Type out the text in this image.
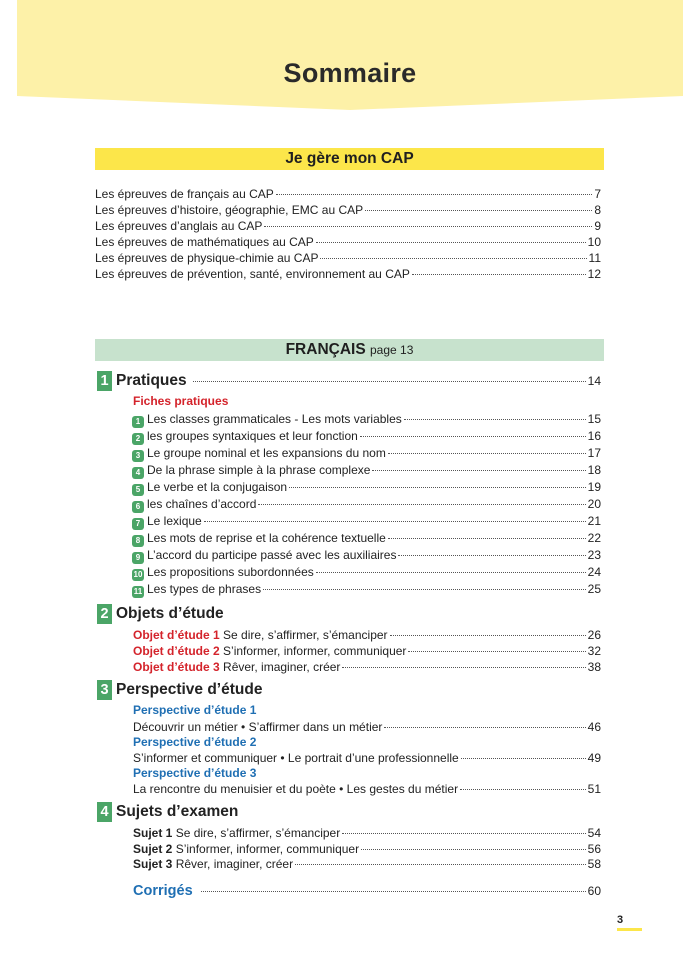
Sommaire
Je gère mon CAP
Les épreuves de français au CAP	7
Les épreuves d’histoire, géographie, EMC au CAP	8
Les épreuves d’anglais au CAP	9
Les épreuves de mathématiques au CAP	10
Les épreuves de physique-chimie au CAP	11
Les épreuves de prévention, santé, environnement au CAP	12
FRANÇAIS page 13
1 Pratiques	14
Fiches pratiques
1 Les classes grammaticales - Les mots variables	15
2 les groupes syntaxiques et leur fonction	16
3 Le groupe nominal et les expansions du nom	17
4 De la phrase simple à la phrase complexe	18
5 Le verbe et la conjugaison	19
6 les chaînes d’accord	20
7 Le lexique	21
8 Les mots de reprise et la cohérence textuelle	22
9 L’accord du participe passé avec les auxiliaires	23
10 Les propositions subordonnées	24
11 Les types de phrases	25
2 Objets d’étude
Objet d’étude 1 Se dire, s’affirmer, s’émanciper	26
Objet d’étude 2 S’informer, informer, communiquer	32
Objet d’étude 3 Rêver, imaginer, créer	38
3 Perspective d’étude
Perspective d’étude 1
Découvrir un métier • S’affirmer dans un métier	46
Perspective d’étude 2
S’informer et communiquer • Le portrait d’une professionnelle	49
Perspective d’étude 3
La rencontre du menuisier et du poète • Les gestes du métier	51
4 Sujets d’examen
Sujet 1 Se dire, s’affirmer, s’émanciper	54
Sujet 2 S’informer, informer, communiquer	56
Sujet 3 Rêver, imaginer, créer	58
Corrigés	60
3
